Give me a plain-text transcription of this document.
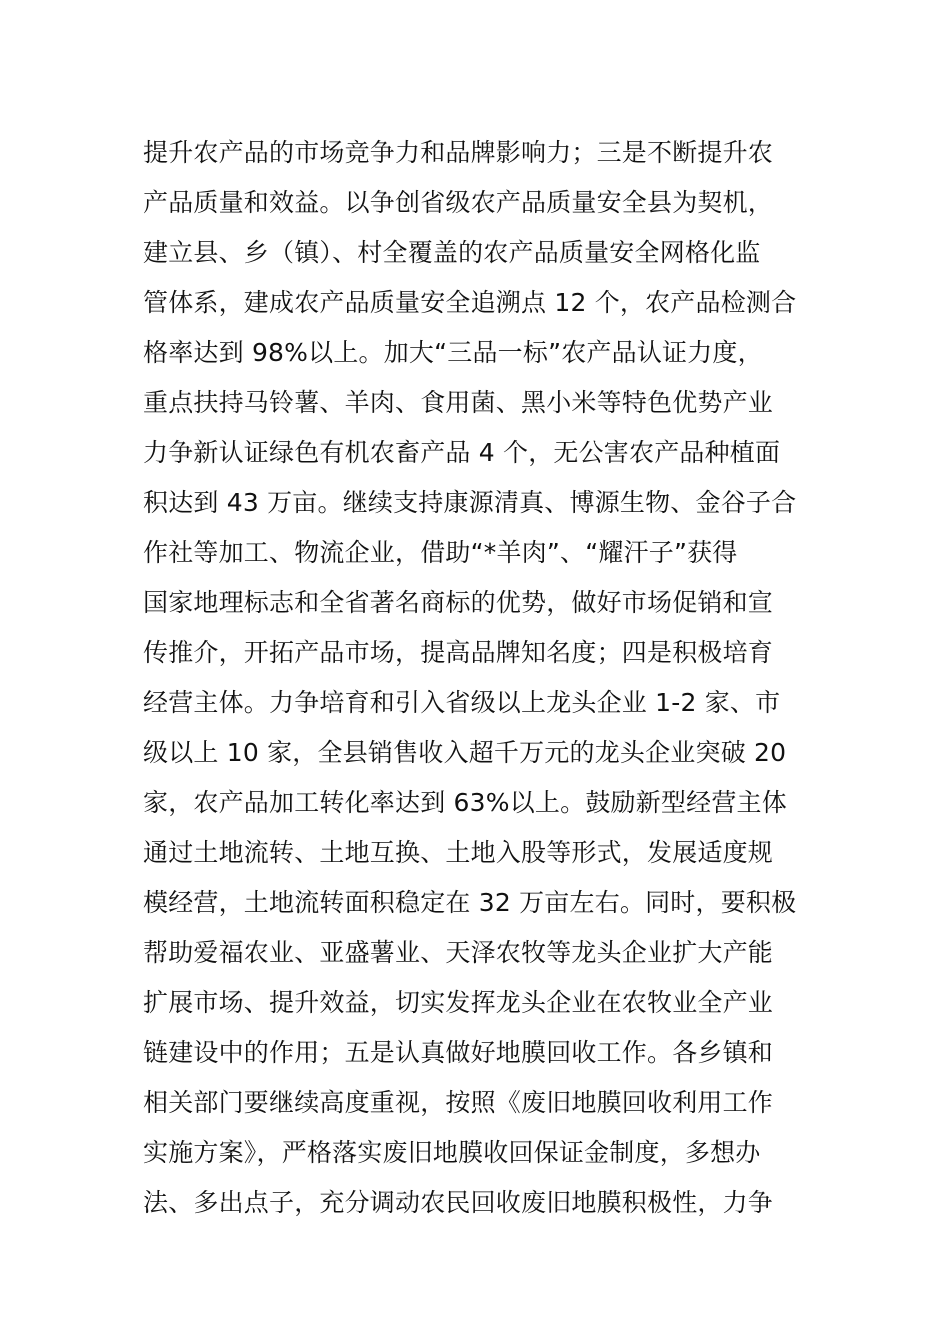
提升农产品的市场竞争力和品牌影响力；三是不断提升农
产品质量和效益。以争创省级农产品质量安全县为契机，
建立县、乡（镇）、村全覆盖的农产品质量安全网格化监
管体系，建成农产品质量安全追溯点 12 个，农产品检测合
格率达到 98%以上。加大“三品一标”农产品认证力度，
重点扶持马铃薯、羊肉、食用菌、黑小米等特色优势产业
力争新认证绿色有机农畜产品 4 个，无公害农产品种植面
积达到 43 万亩。继续支持康源清真、博源生物、金谷子合
作社等加工、物流企业，借助“*羊肉”、“耀汗子”获得
国家地理标志和全省著名商标的优势，做好市场促销和宣
传推介，开拓产品市场，提高品牌知名度；四是积极培育
经营主体。力争培育和引入省级以上龙头企业 1-2 家、市
级以上 10 家，全县销售收入超千万元的龙头企业突破 20
家，农产品加工转化率达到 63%以上。鼓励新型经营主体
通过土地流转、土地互换、土地入股等形式，发展适度规
模经营，土地流转面积稳定在 32 万亩左右。同时，要积极
帮助爱福农业、亚盛薯业、天泽农牧等龙头企业扩大产能
扩展市场、提升效益，切实发挥龙头企业在农牧业全产业
链建设中的作用；五是认真做好地膜回收工作。各乡镇和
相关部门要继续高度重视，按照《废旧地膜回收利用工作
实施方案》，严格落实废旧地膜收回保证金制度，多想办
法、多出点子，充分调动农民回收废旧地膜积极性，力争
